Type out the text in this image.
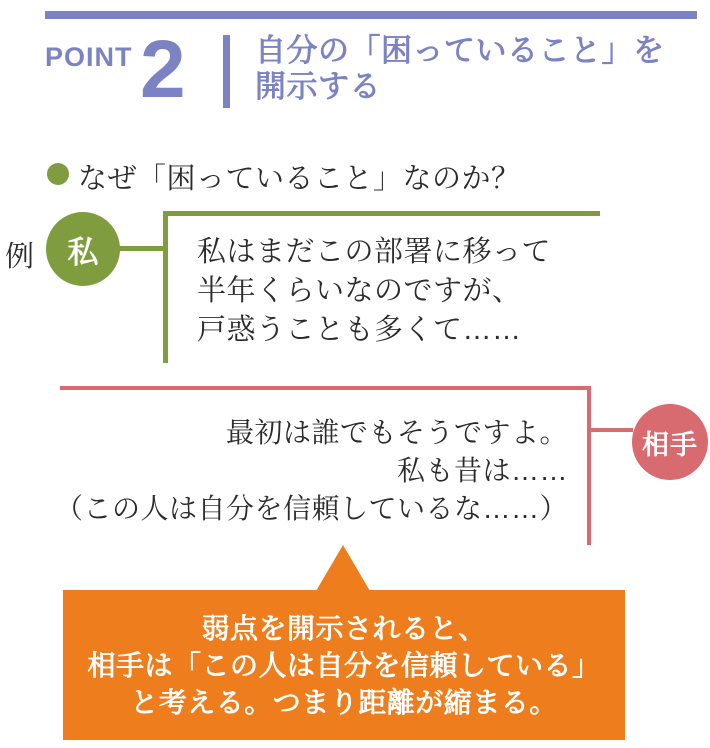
POINT 2 自分の「困っていること」を
開示する
なぜ「困っていること」なのか？
例 私	私はまだこの部署に移って
半年くらいなのですが、
戸惑うことも多くて……
相手
最初は誰でもそうですよ。
私も昔は……
（この人は自分を信頼しているな……）
弱点を開示されると、
相手は「この人は自分を信頼している」
と考える。つまり距離が縮まる。
